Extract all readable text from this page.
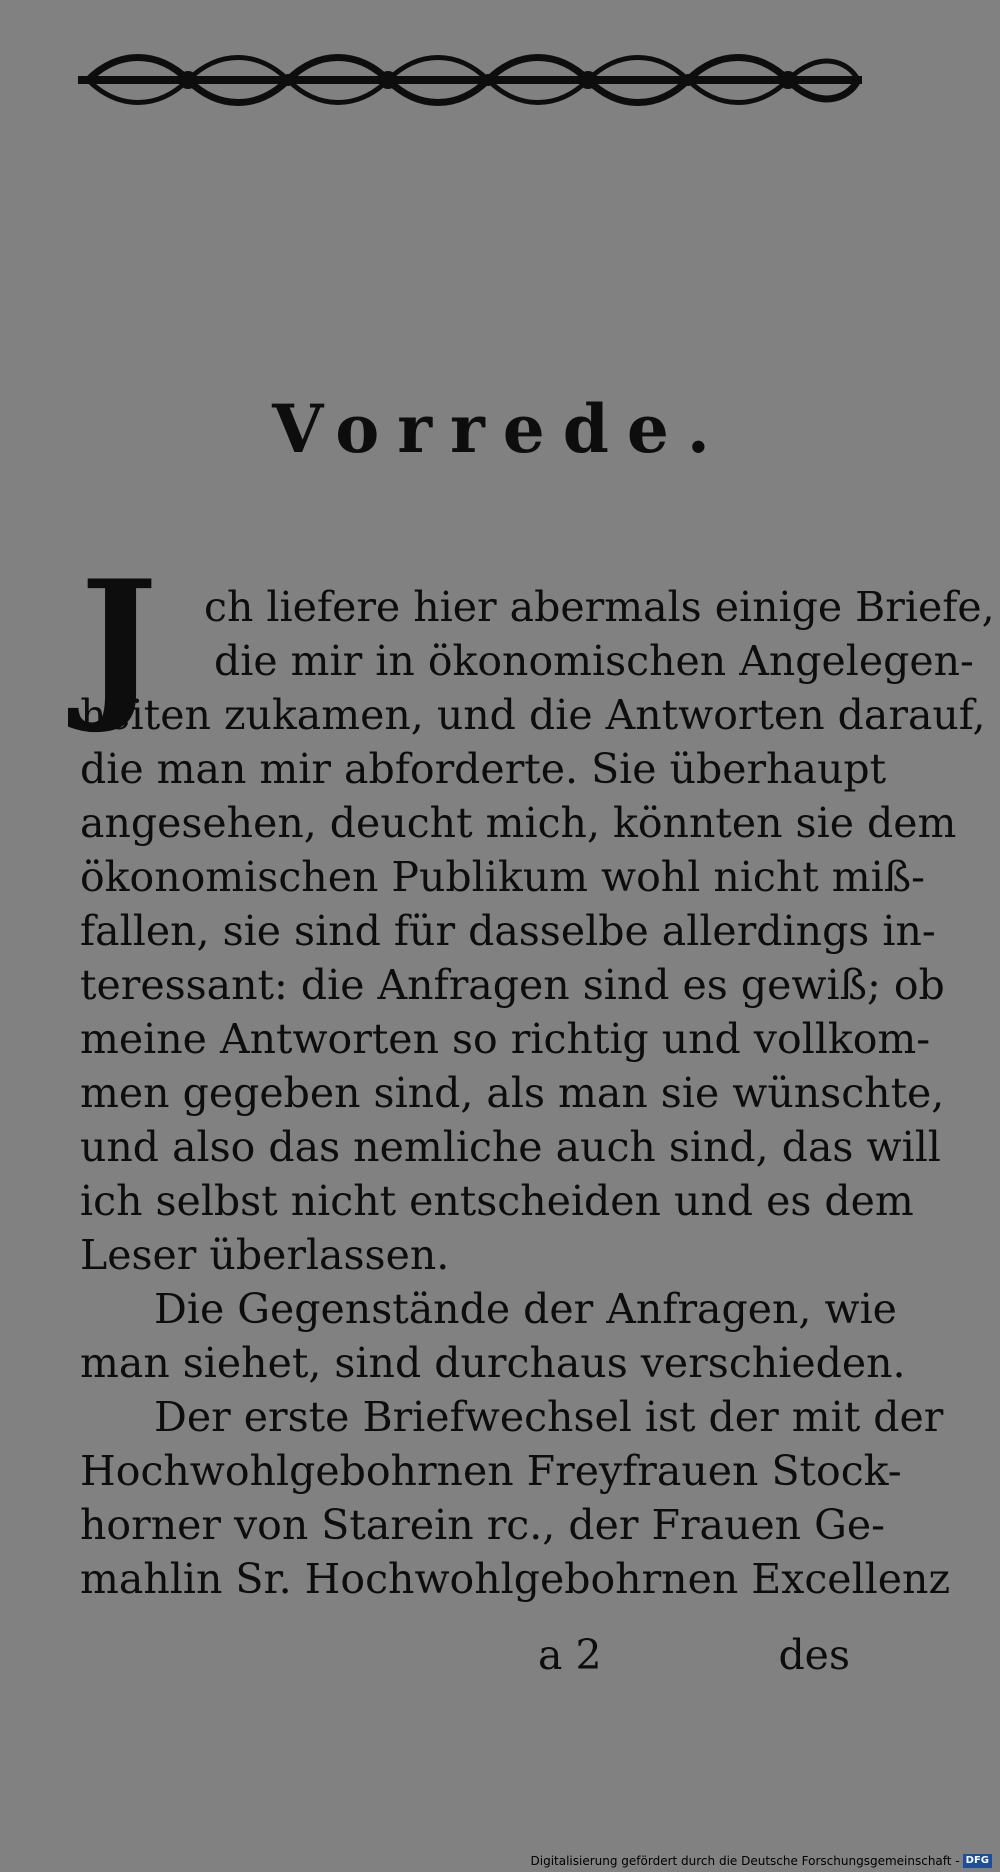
Vorrede.
J	ch liefere hier abermals einige Briefe,
die mir in ökonomischen Angelegen-
heiten zukamen, und die Antworten darauf,
die man mir abforderte. Sie überhaupt
angesehen, deucht mich, könnten sie dem
ökonomischen Publikum wohl nicht miß-
fallen, sie sind für dasselbe allerdings in-
teressant: die Anfragen sind es gewiß; ob
meine Antworten so richtig und vollkom-
men gegeben sind, als man sie wünschte,
und also das nemliche auch sind, das will
ich selbst nicht entscheiden und es dem
Leser überlassen.
Die Gegenstände der Anfragen, wie
man siehet, sind durchaus verschieden.
Der erste Briefwechsel ist der mit der
Hochwohlgebohrnen Freyfrauen Stock-
horner von Starein rc., der Frauen Ge-
mahlin Sr. Hochwohlgebohrnen Excellenz
a 2	des
Digitalisierung gefördert durch die Deutsche Forschungsgemeinschaft - DFG
